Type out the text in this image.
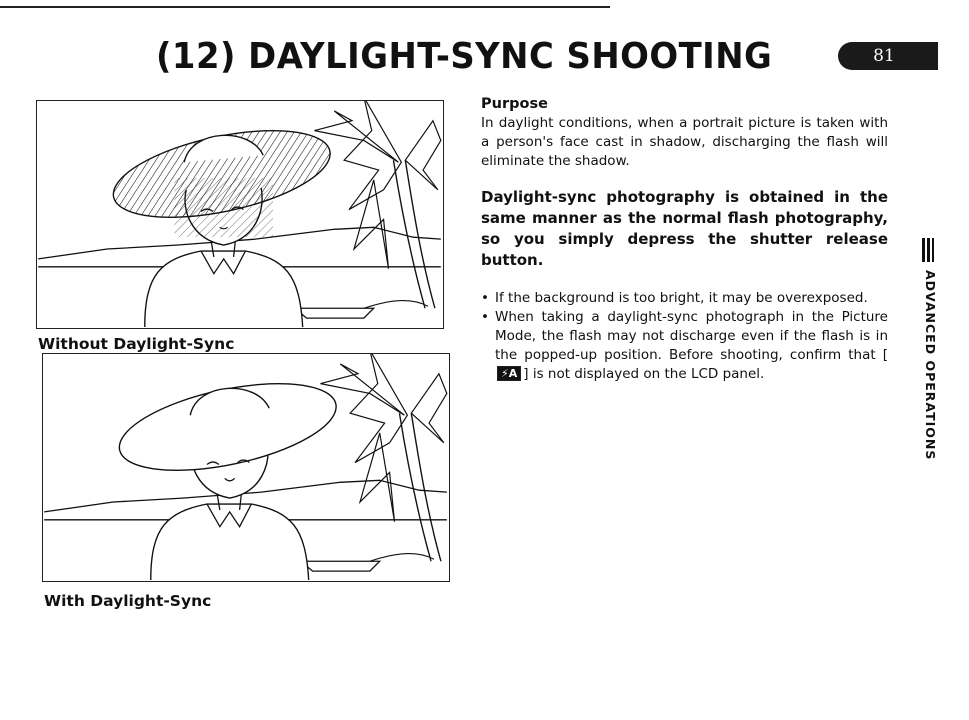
(12) DAYLIGHT-SYNC SHOOTING	81

Without Daylight-Sync

With Daylight-Sync

Purpose

In daylight conditions, when a portrait picture is taken with a person's face cast in shadow, discharging the flash will eliminate the shadow.

Daylight-sync photography is obtained in the same manner as the normal flash photography, so you simply depress the shutter release button.

• If the background is too bright, it may be overexposed.
• When taking a daylight-sync photograph in the Picture Mode, the flash may not discharge even if the flash is in the popped-up position. Before shooting, confirm that [⚡A ] is not displayed on the LCD panel.	ADVANCED OPERATIONS
